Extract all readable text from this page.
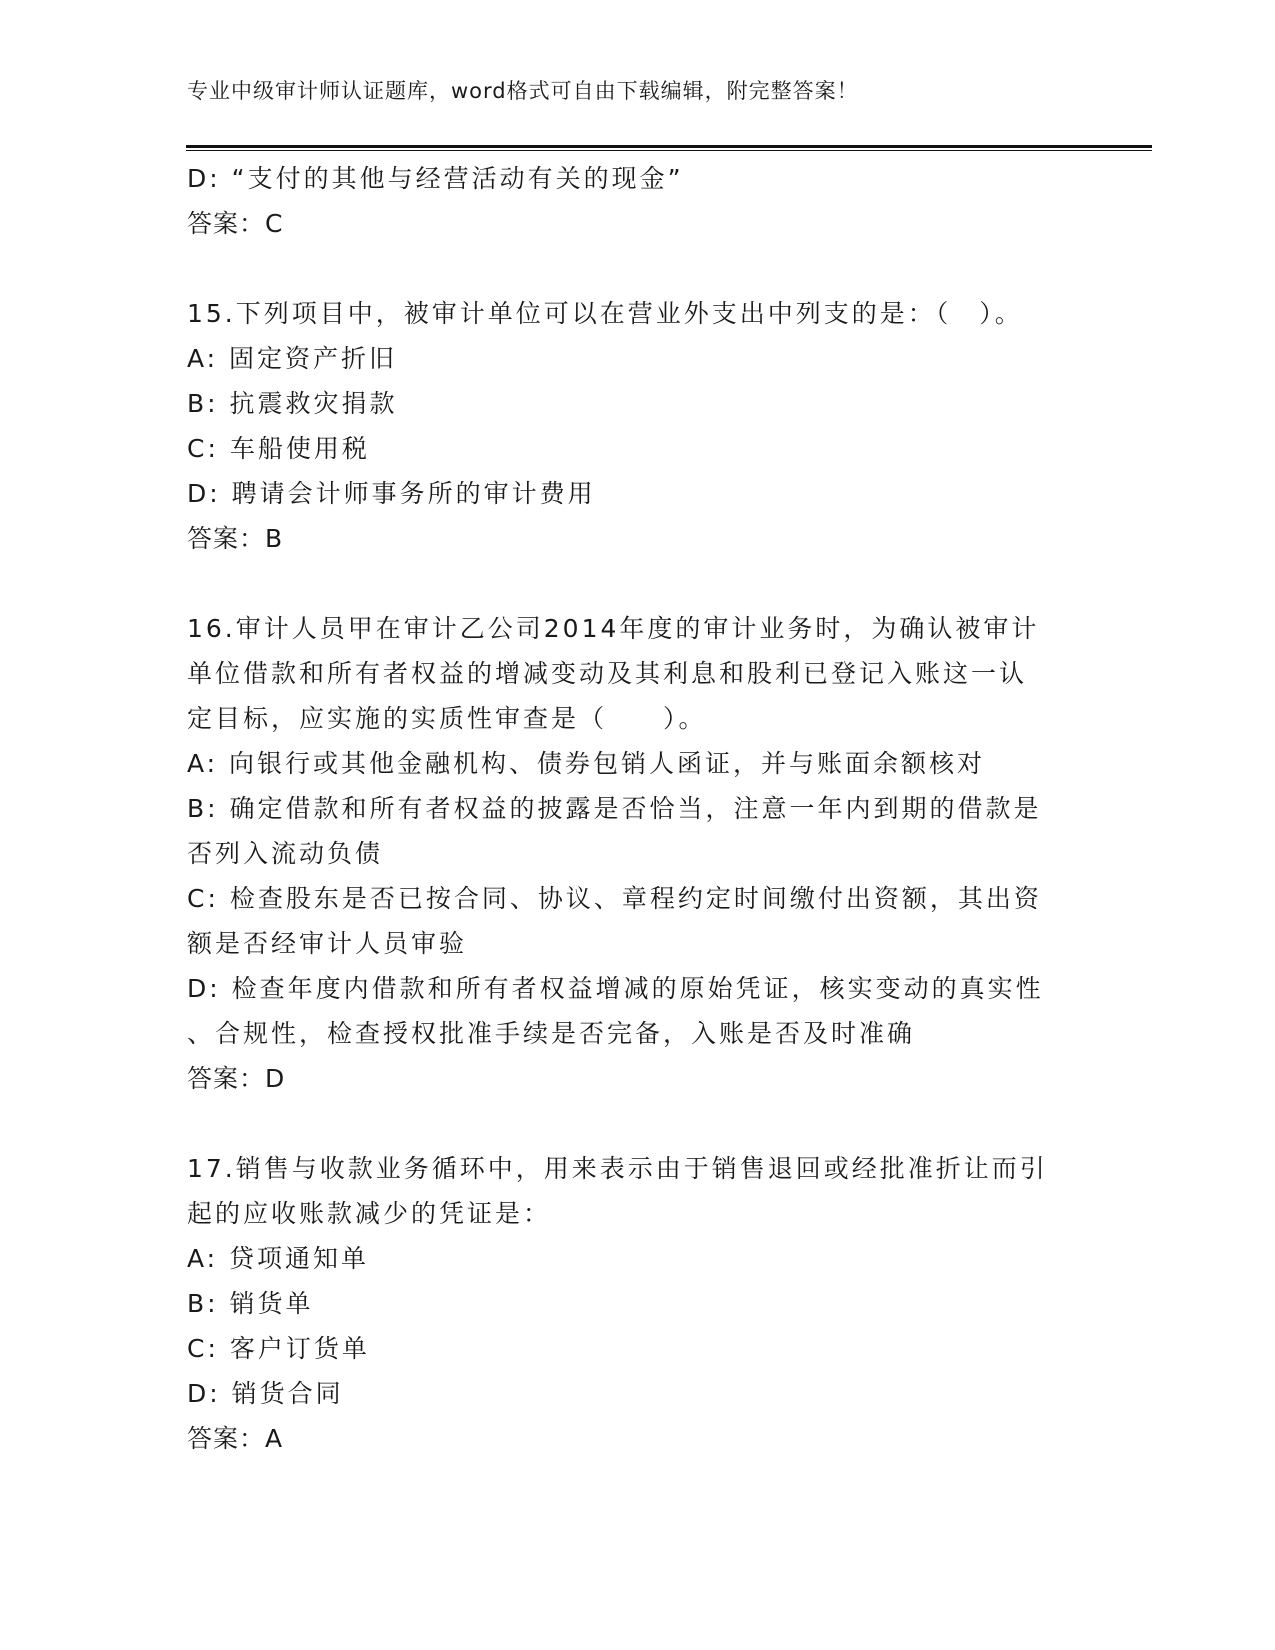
专业中级审计师认证题库，word格式可自由下载编辑，附完整答案！
D: “支付的其他与经营活动有关的现金”
答案：C
15.下列项目中，被审计单位可以在营业外支出中列支的是：（　）。
A: 固定资产折旧
B: 抗震救灾捐款
C: 车船使用税
D: 聘请会计师事务所的审计费用
答案：B
16.审计人员甲在审计乙公司2014年度的审计业务时，为确认被审计
单位借款和所有者权益的增减变动及其利息和股利已登记入账这一认
定目标，应实施的实质性审查是（　　）。
A: 向银行或其他金融机构、债券包销人函证，并与账面余额核对
B: 确定借款和所有者权益的披露是否恰当，注意一年内到期的借款是
否列入流动负债
C: 检查股东是否已按合同、协议、章程约定时间缴付出资额，其出资
额是否经审计人员审验
D: 检查年度内借款和所有者权益增减的原始凭证，核实变动的真实性
、合规性，检查授权批准手续是否完备，入账是否及时准确
答案：D
17.销售与收款业务循环中，用来表示由于销售退回或经批准折让而引
起的应收账款减少的凭证是：
A: 贷项通知单
B: 销货单
C: 客户订货单
D: 销货合同
答案：A
